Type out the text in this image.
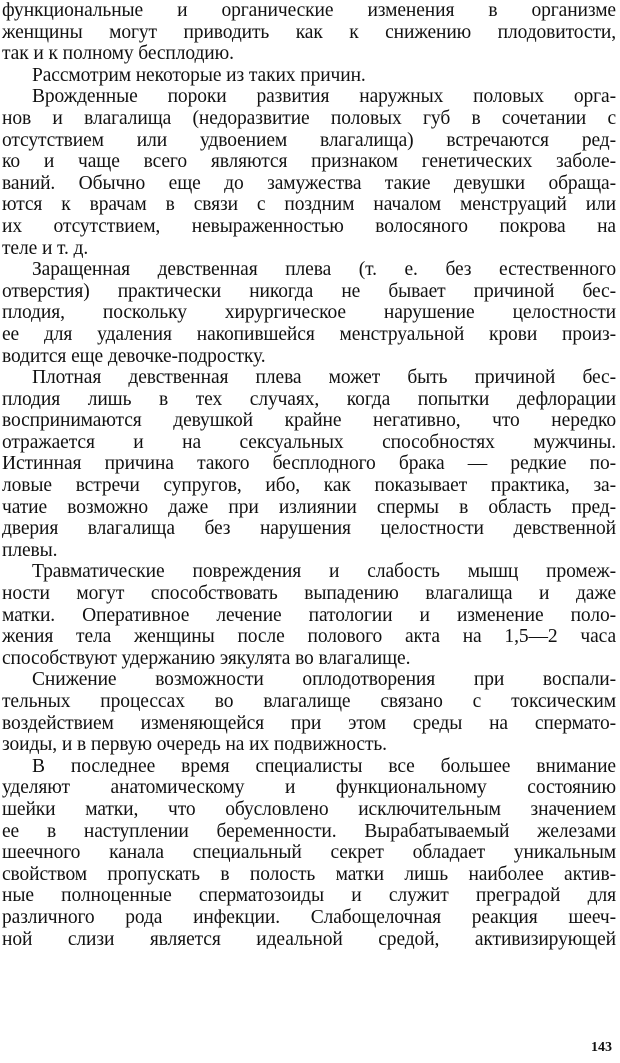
функциональные и органические изменения в организме
женщины могут приводить как к снижению плодовитости,
так и к полному бесплодию.
Рассмотрим некоторые из таких причин.
Врожденные пороки развития наружных половых орга-
нов и влагалища (недоразвитие половых губ в сочетании с
отсутствием или удвоением влагалища) встречаются ред-
ко и чаще всего являются признаком генетических заболе-
ваний. Обычно еще до замужества такие девушки обраща-
ются к врачам в связи с поздним началом менструаций или
их отсутствием, невыраженностью волосяного покрова на
теле и т. д.
Заращенная девственная плева (т. е. без естественного
отверстия) практически никогда не бывает причиной бес-
плодия, поскольку хирургическое нарушение целостности
ее для удаления накопившейся менструальной крови произ-
водится еще девочке-подростку.
Плотная девственная плева может быть причиной бес-
плодия лишь в тех случаях, когда попытки дефлорации
воспринимаются девушкой крайне негативно, что нередко
отражается и на сексуальных способностях мужчины.
Истинная причина такого бесплодного брака — редкие по-
ловые встречи супругов, ибо, как показывает практика, за-
чатие возможно даже при излиянии спермы в область пред-
дверия влагалища без нарушения целостности девственной
плевы.
Травматические повреждения и слабость мышц промеж-
ности могут способствовать выпадению влагалища и даже
матки. Оперативное лечение патологии и изменение поло-
жения тела женщины после полового акта на 1,5—2 часа
способствуют удержанию эякулята во влагалище.
Снижение возможности оплодотворения при воспали-
тельных процессах во влагалище связано с токсическим
воздействием изменяющейся при этом среды на спермато-
зоиды, и в первую очередь на их подвижность.
В последнее время специалисты все большее внимание
уделяют анатомическому и функциональному состоянию
шейки матки, что обусловлено исключительным значением
ее в наступлении беременности. Вырабатываемый железами
шеечного канала специальный секрет обладает уникальным
свойством пропускать в полость матки лишь наиболее актив-
ные полноценные сперматозоиды и служит преградой для
различного рода инфекции. Слабощелочная реакция шееч-
ной слизи является идеальной средой, активизирующей
143
